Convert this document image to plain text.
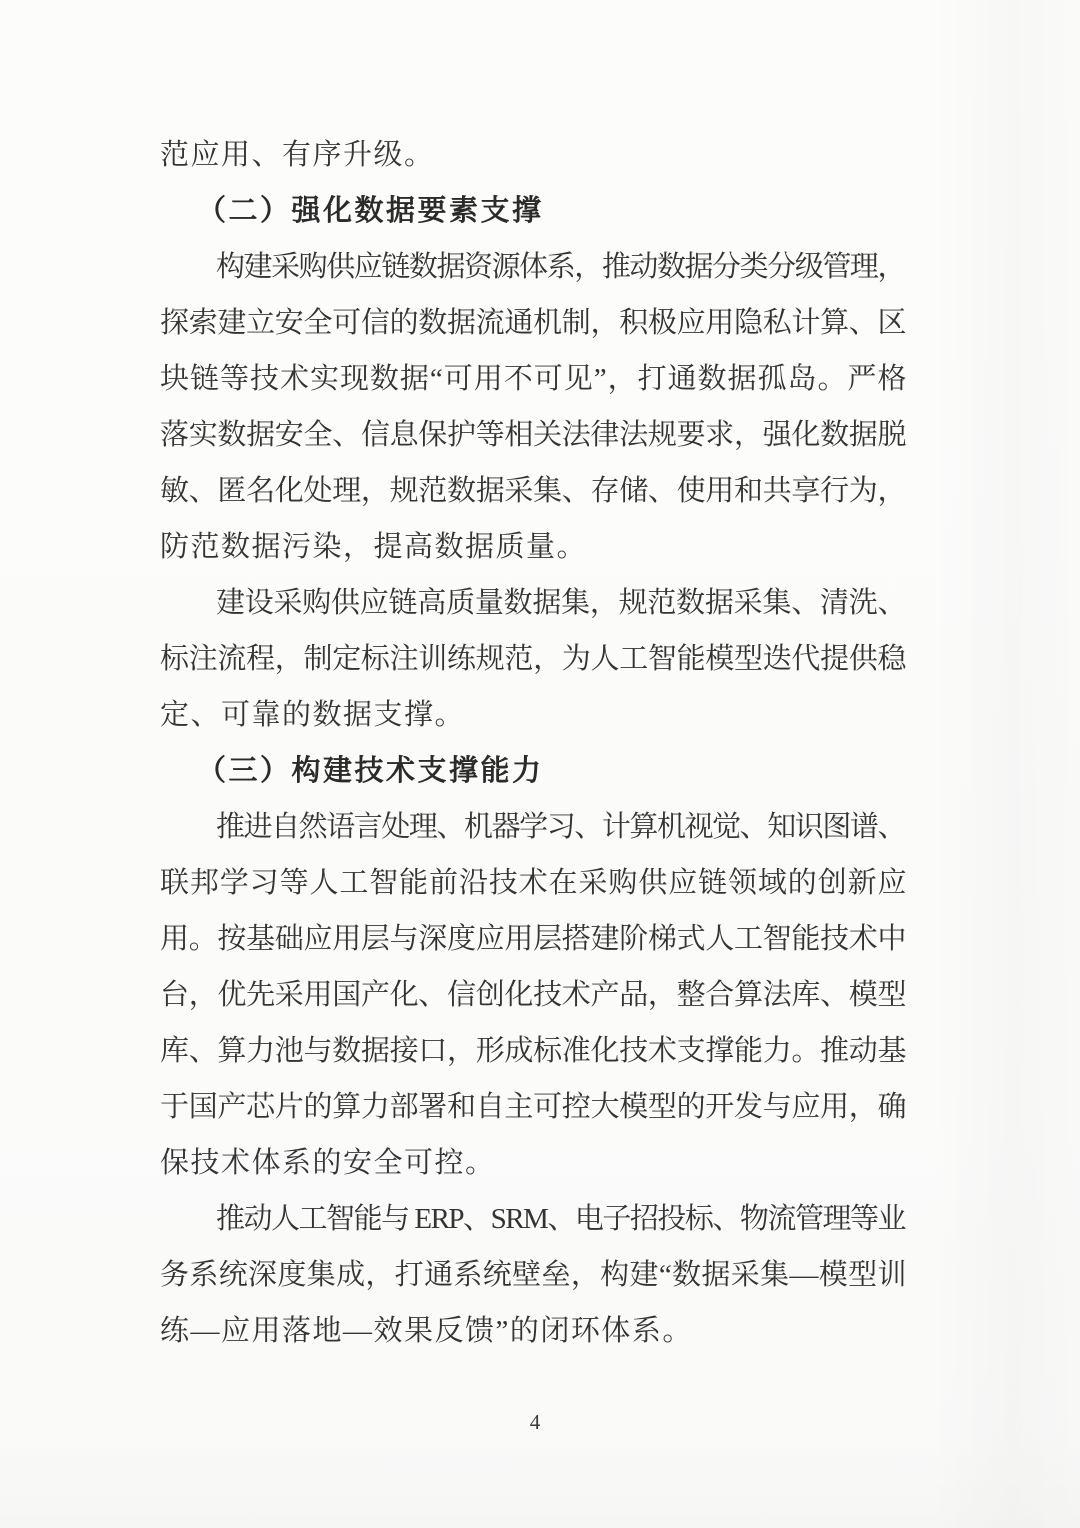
范应用、有序升级。
（二）强化数据要素支撑
构建采购供应链数据资源体系，推动数据分类分级管理，
探索建立安全可信的数据流通机制，积极应用隐私计算、区
块链等技术实现数据“可用不可见”，打通数据孤岛。严格
落实数据安全、信息保护等相关法律法规要求，强化数据脱
敏、匿名化处理，规范数据采集、存储、使用和共享行为，
防范数据污染，提高数据质量。
建设采购供应链高质量数据集，规范数据采集、清洗、
标注流程，制定标注训练规范，为人工智能模型迭代提供稳
定、可靠的数据支撑。
（三）构建技术支撑能力
推进自然语言处理、机器学习、计算机视觉、知识图谱、
联邦学习等人工智能前沿技术在采购供应链领域的创新应
用。按基础应用层与深度应用层搭建阶梯式人工智能技术中
台，优先采用国产化、信创化技术产品，整合算法库、模型
库、算力池与数据接口，形成标准化技术支撑能力。推动基
于国产芯片的算力部署和自主可控大模型的开发与应用，确
保技术体系的安全可控。
推动人工智能与 ERP、SRM、电子招投标、物流管理等业
务系统深度集成，打通系统壁垒，构建“数据采集—模型训
练—应用落地—效果反馈”的闭环体系。
4
